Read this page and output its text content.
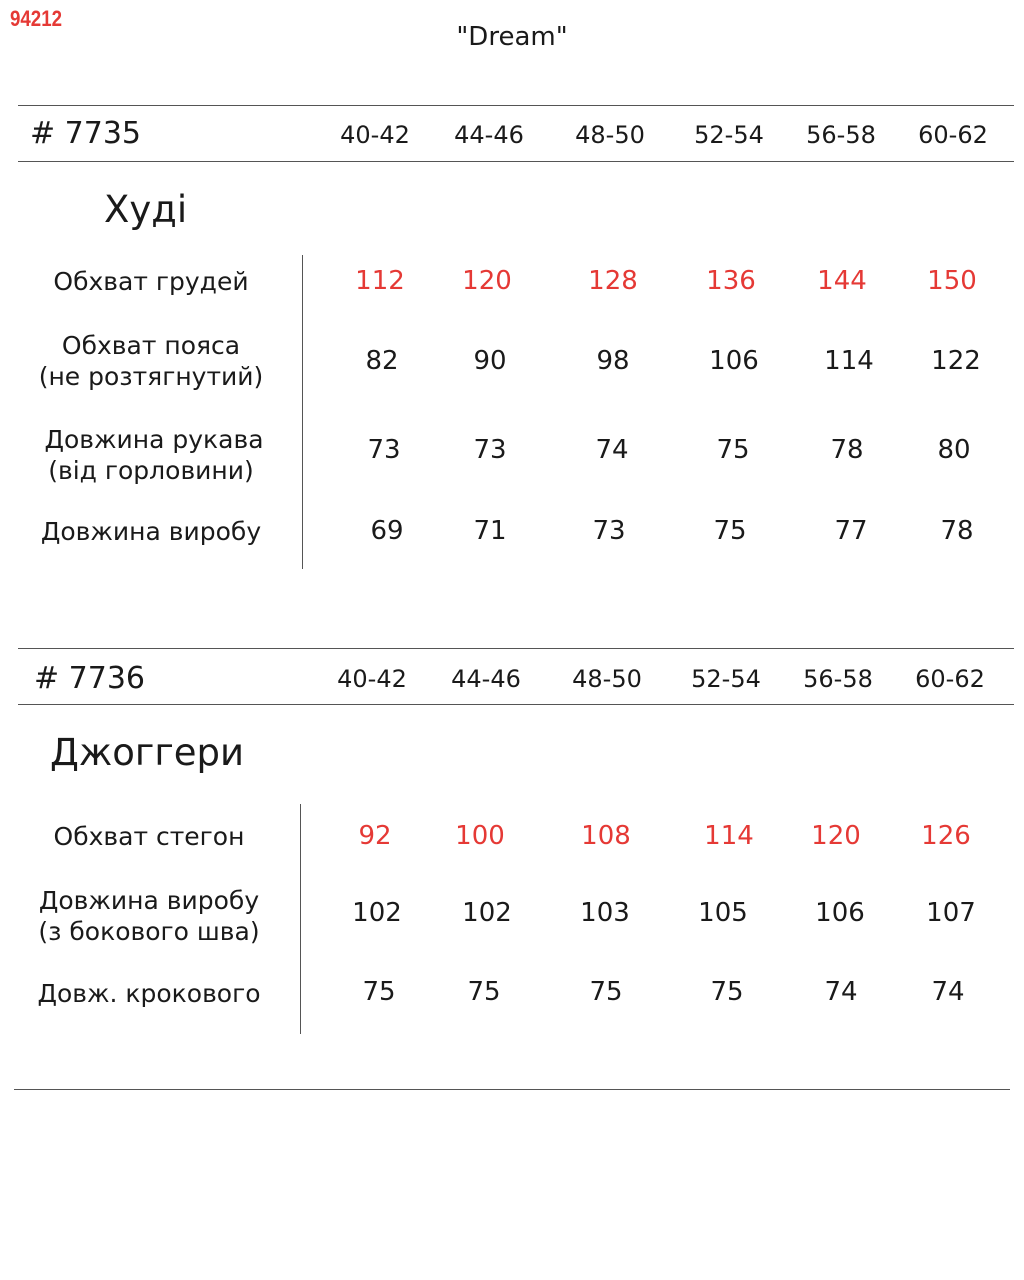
94212
"Dream"
# 7735	40-42	44-46	48-50	52-54	56-58	60-62
Худі
Обхват грудей	112	120	128	136	144	150
Обхват пояса
(не розтягнутий)
82	90	98	106	114	122
Довжина рукава
(від горловини)
73	73	74	75	78	80
Довжина виробу	69	71	73	75	77	78
# 7736	40-42	44-46	48-50	52-54	56-58	60-62
Джоггери
Обхват стегон	92	100	108	114	120	126
Довжина виробу
(з бокового шва)
102	102	103	105	106	107
Довж. крокового	75	75	75	75	74	74
